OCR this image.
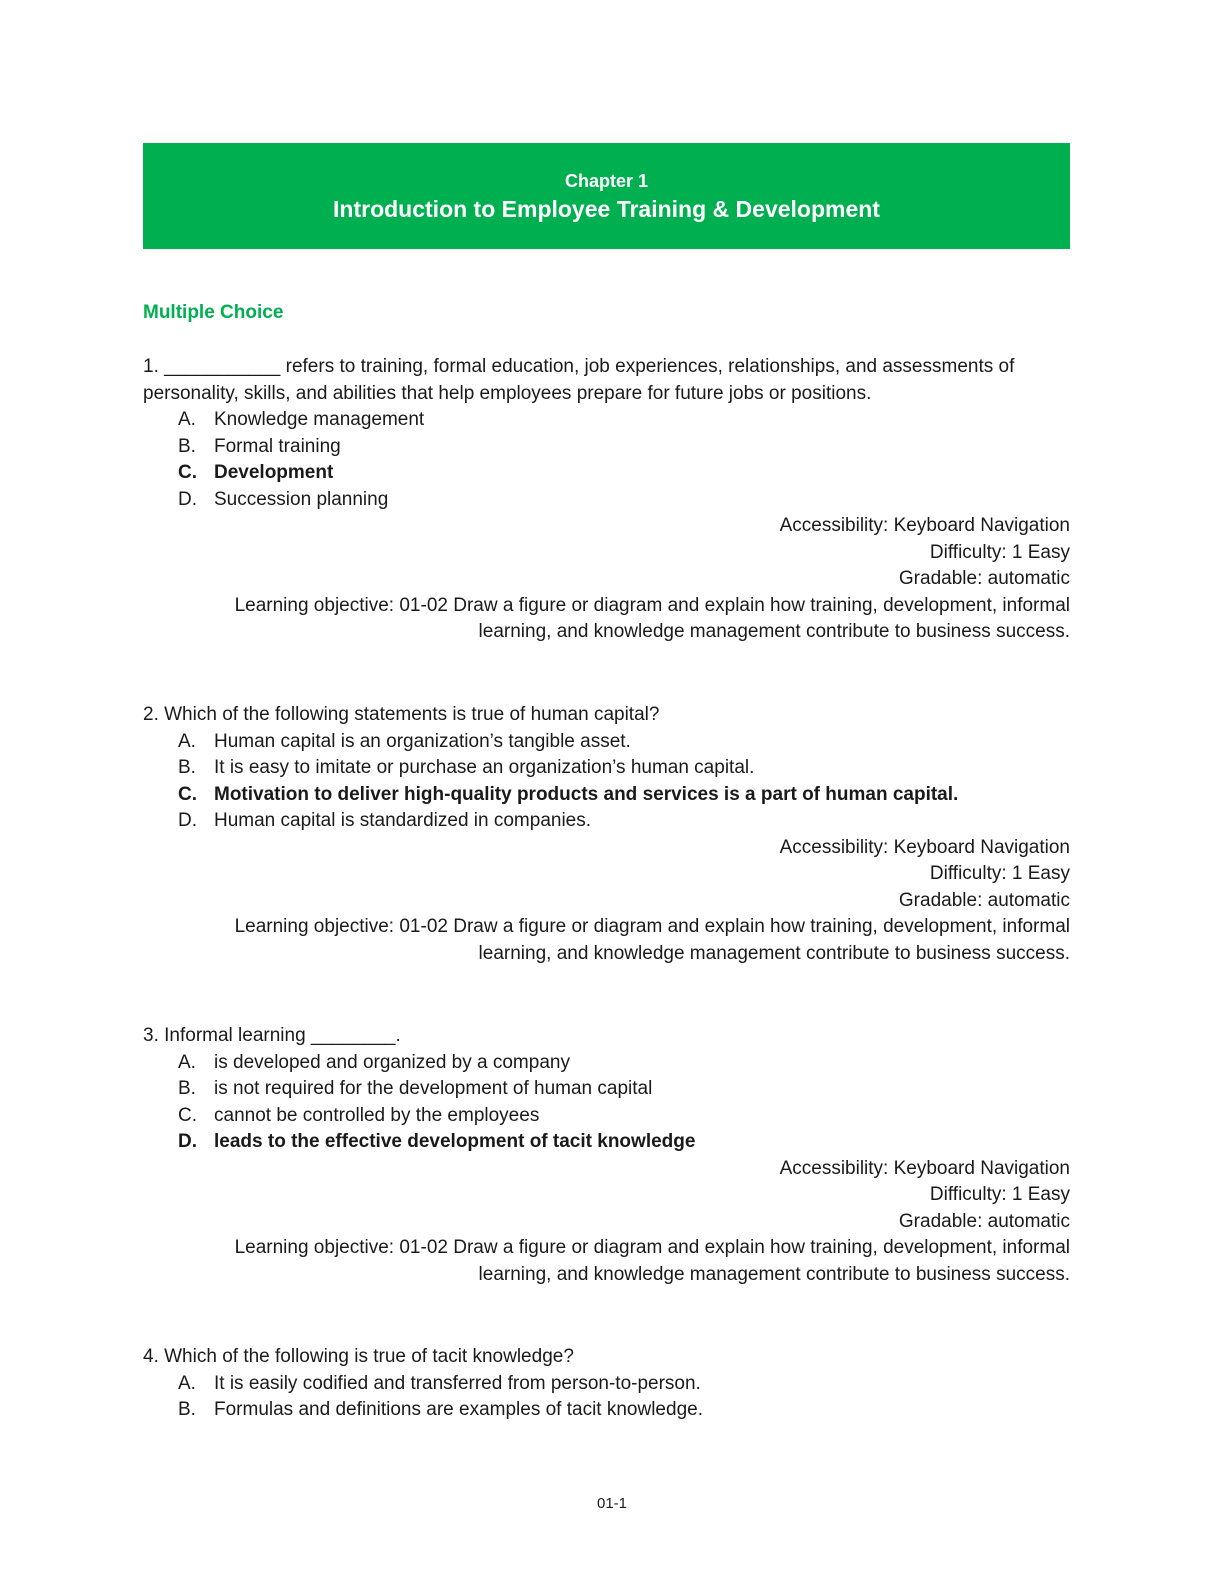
Chapter 1
Introduction to Employee Training & Development
Multiple Choice

1. ___________ refers to training, formal education, job experiences, relationships, and assessments of personality, skills, and abilities that help employees prepare for future jobs or positions.

A. Knowledge management
B. Formal training
C. Development
D. Succession planning
Accessibility: Keyboard Navigation
Difficulty: 1 Easy
Gradable: automatic
Learning objective: 01-02 Draw a figure or diagram and explain how training, development, informal learning, and knowledge management contribute to business success.

2. Which of the following statements is true of human capital?

A. Human capital is an organization’s tangible asset.
B. It is easy to imitate or purchase an organization’s human capital.
C. Motivation to deliver high-quality products and services is a part of human capital.
D. Human capital is standardized in companies.
Accessibility: Keyboard Navigation
Difficulty: 1 Easy
Gradable: automatic
Learning objective: 01-02 Draw a figure or diagram and explain how training, development, informal learning, and knowledge management contribute to business success.

3. Informal learning ________.

A. is developed and organized by a company
B. is not required for the development of human capital
C. cannot be controlled by the employees
D. leads to the effective development of tacit knowledge
Accessibility: Keyboard Navigation
Difficulty: 1 Easy
Gradable: automatic
Learning objective: 01-02 Draw a figure or diagram and explain how training, development, informal learning, and knowledge management contribute to business success.

4. Which of the following is true of tacit knowledge?

A. It is easily codified and transferred from person-to-person.
B. Formulas and definitions are examples of tacit knowledge.
01-1
